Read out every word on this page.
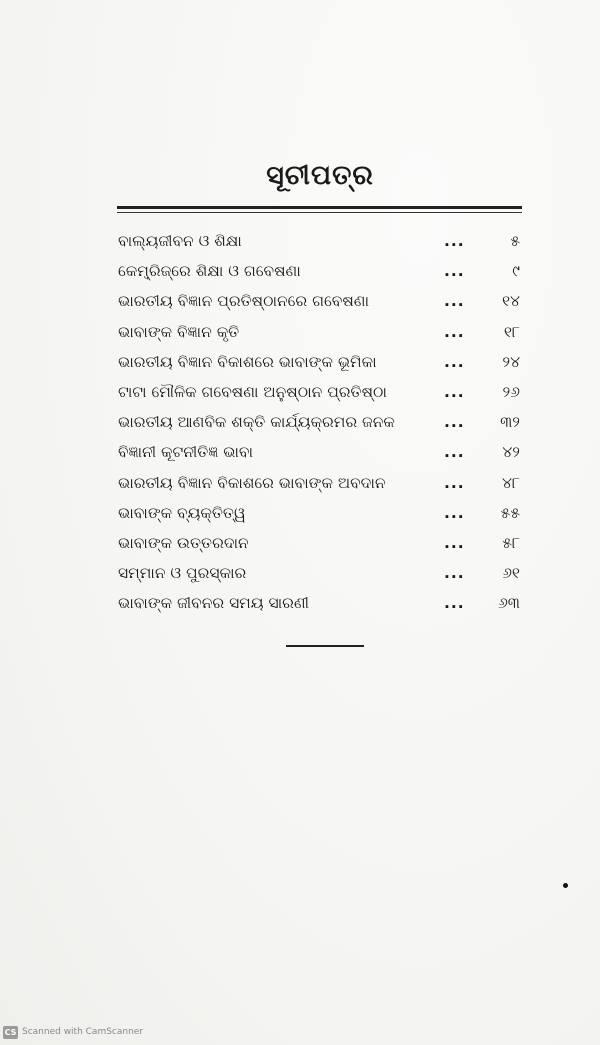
ସୂଚୀପତ୍ର
ବାଲ୍ୟଜୀବନ ଓ ଶିକ୍ଷା	...	୫
କେମ୍ବ୍ରିଜ୍‌ରେ ଶିକ୍ଷା ଓ ଗବେଷଣା	...	୯
ଭାରତୀୟ ବିଜ୍ଞାନ ପ୍ରତିଷ୍ଠାନରେ ଗବେଷଣା	... ୧୪
ଭାବାଙ୍କ ବିଜ୍ଞାନ କୃତି	...	୧୮
ଭାରତୀୟ ବିଜ୍ଞାନ ବିକାଶରେ ଭାବାଙ୍କ ଭୂମିକା	... ୨୪
ଟାଟା ମୌଳିକ ଗବେଷଣା ଅନୁଷ୍ଠାନ ପ୍ରତିଷ୍ଠା	... ୨୬
ଭାରତୀୟ ଆଣବିକ ଶକ୍ତି କାର୍ଯ୍ୟକ୍ରମର ଜନକ	... ୩୨
ବିଜ୍ଞାନୀ କୂଟନୀତିଜ୍ଞ ଭାବା	... ୪୨
ଭାରତୀୟ ବିଜ୍ଞାନ ବିକାଶରେ ଭାବାଙ୍କ ଅବଦାନ	... ୪୮
ଭାବାଙ୍କ ବ୍ୟକ୍ତିତ୍ୱ	... ୫୫
ଭାବାଙ୍କ ଉତ୍ତରଦାନ	... ୫୮
ସମ୍ମାନ ଓ ପୁରସ୍କାର	... ୬୧
ଭାବାଙ୍କ ଜୀବନର ସମୟ ସାରଣୀ	... ୬୩
CS Scanned with CamScanner
